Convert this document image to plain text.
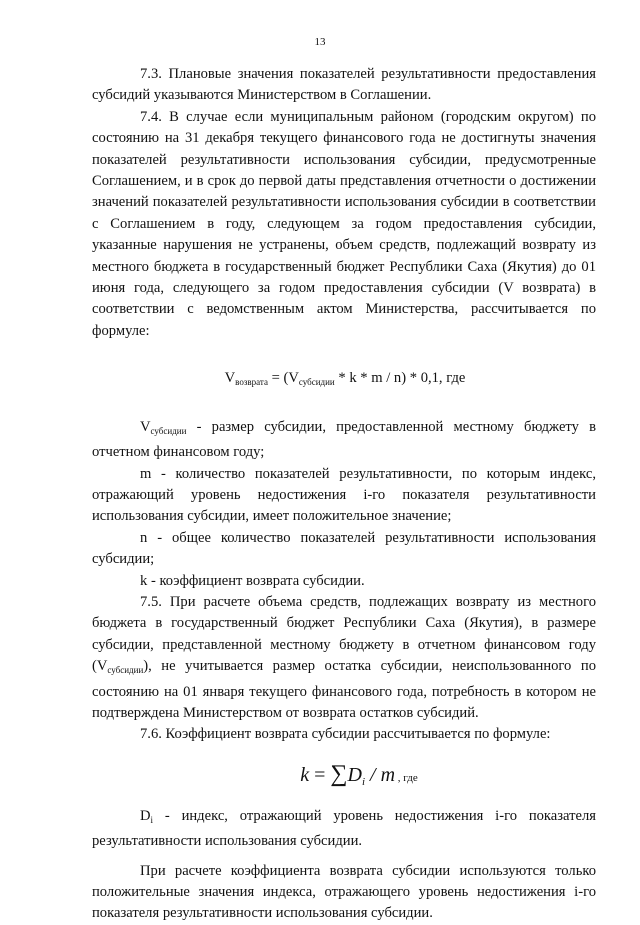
13

7.3. Плановые значения показателей результативности предоставления субсидий указываются Министерством в Соглашении.

7.4. В случае если муниципальным районом (городским округом) по состоянию на 31 декабря текущего финансового года не достигнуты значения показателей результативности использования субсидии, предусмотренные Соглашением, и в срок до первой даты представления отчетности о достижении значений показателей результативности использования субсидии в соответствии с Соглашением в году, следующем за годом предоставления субсидии, указанные нарушения не устранены, объем средств, подлежащий возврату из местного бюджета в государственный бюджет Республики Саха (Якутия) до 01 июня года, следующего за годом предоставления субсидии (V возврата) в соответствии с ведомственным актом Министерства, рассчитывается по формуле:

$V_{возврата} = (V_{субсидии} * k * m / n) * 0,1$, где

$V_{субсидии}$ - размер субсидии, предоставленной местному бюджету в отчетном финансовом году;

m - количество показателей результативности, по которым индекс, отражающий уровень недостижения i-го показателя результативности использования субсидии, имеет положительное значение;

n - общее количество показателей результативности использования субсидии;

k - коэффициент возврата субсидии.

7.5. При расчете объема средств, подлежащих возврату из местного бюджета в государственный бюджет Республики Саха (Якутия), в размере субсидии, представленной местному бюджету в отчетном финансовом году $(V_{субсидии})$, не учитывается размер остатка субсидии, неиспользованного по состоянию на 01 января текущего финансового года, потребность в котором не подтверждена Министерством от возврата остатков субсидий.

7.6. Коэффициент возврата субсидии рассчитывается по формуле:

$k = \sum D_i / m$ , где

$D_i$ - индекс, отражающий уровень недостижения i-го показателя результативности использования субсидии.

При расчете коэффициента возврата субсидии используются только положительные значения индекса, отражающего уровень недостижения i-го показателя результативности использования субсидии.
